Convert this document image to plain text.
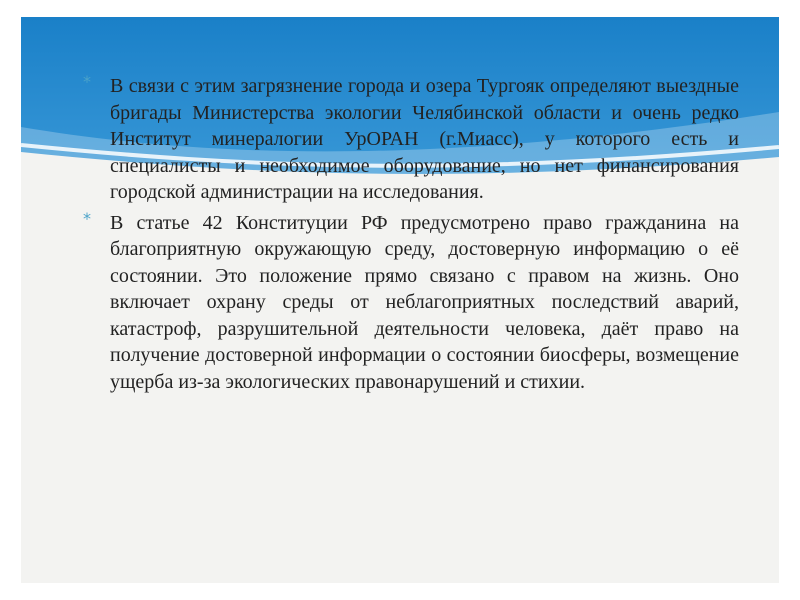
* В связи с этим загрязнение города и озера Тургояк определяют выездные бригады Министерства экологии Челябинской области и очень редко Институт минералогии УрОРАН (г.Миасс), у которого есть и специалисты и необходимое оборудование, но нет финансирования городской администрации на исследования.
* В статье 42 Конституции РФ предусмотрено право гражданина на благоприятную окружающую среду, достоверную информацию о её состоянии. Это положение прямо связано с правом на жизнь. Оно включает охрану среды от неблагоприятных последствий аварий, катастроф, разрушительной деятельности человека, даёт право на получение достоверной информации о состоянии биосферы, возмещение ущерба из-за экологических правонарушений и стихии.
